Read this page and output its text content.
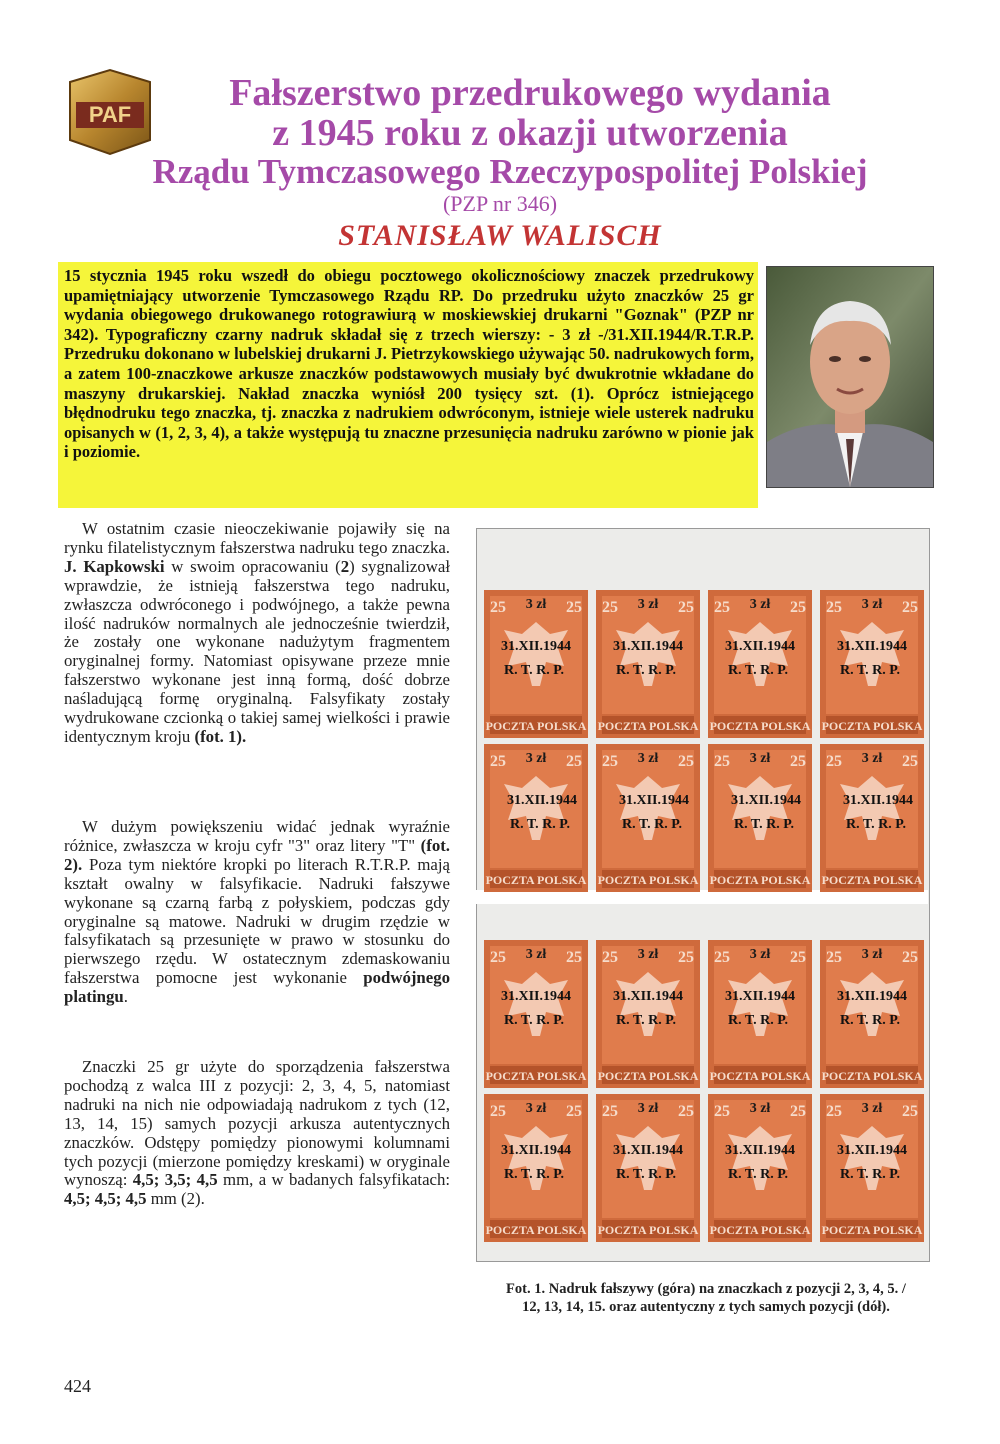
PAF
Fałszerstwo przedrukowego wydania
z 1945 roku z okazji utworzenia
Rządu Tymczasowego Rzeczypospolitej Polskiej
(PZP nr 346)
STANISŁAW WALISCH
15 stycznia 1945 roku wszedł do obiegu pocztowego okolicznościowy znaczek przedrukowy upamiętniający utworzenie Tymczasowego Rządu RP. Do przedruku użyto znaczków 25 gr wydania obiegowego drukowanego rotograwiurą w moskiewskiej drukarni "Goznak" (PZP nr 342). Typograficzny czarny nadruk składał się z trzech wierszy: - 3 zł -/31.XII.1944/R.T.R.P. Przedruku dokonano w lubelskiej drukarni J. Pietrzykowskiego używając 50. nadrukowych form, a zatem 100-znaczkowe arkusze znaczków podstawowych musiały być dwukrotnie wkładane do maszyny drukarskiej. Nakład znaczka wyniósł 200 tysięcy szt. (1). Oprócz istniejącego błędnodruku tego znaczka, tj. znaczka z nadrukiem odwróconym, istnieje wiele usterek nadruku opisanych w (1, 2, 3, 4), a także występują tu znaczne przesunięcia nadruku zarówno w pionie jak i poziomie.

W ostatnim czasie nieoczekiwanie pojawiły się na rynku filatelistycznym fałszerstwa nadruku tego znaczka. J. Kapkowski w swoim opracowaniu (2) sygnalizował wprawdzie, że istnieją fałszerstwa tego nadruku, zwłaszcza odwróconego i podwójnego, a także pewna ilość nadruków normalnych ale jednocześnie twierdził, że zostały one wykonane nadużytym fragmentem oryginalnej formy. Natomiast opisywane przeze mnie fałszerstwo wykonane jest inną formą, dość dobrze naśladującą formę oryginalną. Falsyfikaty zostały wydrukowane czcionką o takiej samej wielkości i prawie identycznym kroju (fot. 1).

W dużym powiększeniu widać jednak wyraźnie różnice, zwłaszcza w kroju cyfr "3" oraz litery "T" (fot. 2). Poza tym niektóre kropki po literach R.T.R.P. mają kształt owalny w falsyfikacie. Nadruki fałszywe wykonane są czarną farbą z połyskiem, podczas gdy oryginalne są matowe. Nadruki w drugim rzędzie w falsyfikatach są przesunięte w prawo w stosunku do pierwszego rzędu. W ostatecznym zdemaskowaniu fałszerstwa pomocne jest wykonanie podwójnego platingu.

Znaczki 25 gr użyte do sporządzenia fałszerstwa pochodzą z walca III z pozycji: 2, 3, 4, 5, natomiast nadruki na nich nie odpowiadają nadrukom z tych (12, 13, 14, 15) samych pozycji arkusza autentycznych znaczków. Odstępy pomiędzy pionowymi kolumnami tych pozycji (mierzone pomiędzy kreskami) w oryginale wynoszą: 4,5; 3,5; 4,5 mm, a w badanych falsyfikatach: 4,5; 4,5; 4,5 mm (2).

25	25
3 zł
POCZTA POLSKA
31.XII.1944
R. T. R. P.
25	25
3 zł
POCZTA POLSKA
31.XII.1944
R. T. R. P.
25	25
3 zł
POCZTA POLSKA
31.XII.1944
R. T. R. P.
25	25
3 zł
POCZTA POLSKA
31.XII.1944
R. T. R. P.
25	25
3 zł
POCZTA POLSKA
31.XII.1944
R. T. R. P.
25	25
3 zł
POCZTA POLSKA
31.XII.1944
R. T. R. P.
25	25
3 zł
POCZTA POLSKA
31.XII.1944
R. T. R. P.
25	25
3 zł
POCZTA POLSKA
31.XII.1944
R. T. R. P.
25	25
3 zł
POCZTA POLSKA
31.XII.1944
R. T. R. P.
25	25
3 zł
POCZTA POLSKA
31.XII.1944
R. T. R. P.
25	25
3 zł
POCZTA POLSKA
31.XII.1944
R. T. R. P.
25	25
3 zł
POCZTA POLSKA
31.XII.1944
R. T. R. P.
25	25
3 zł
POCZTA POLSKA
31.XII.1944
R. T. R. P.
25	25
3 zł
POCZTA POLSKA
31.XII.1944
R. T. R. P.
25	25
3 zł
POCZTA POLSKA
31.XII.1944
R. T. R. P.
25	25
3 zł
POCZTA POLSKA
31.XII.1944
R. T. R. P.
Fot. 1. Nadruk fałszywy (góra) na znaczkach z pozycji 2, 3, 4, 5. /
12, 13, 14, 15. oraz autentyczny z tych samych pozycji (dół).
424
